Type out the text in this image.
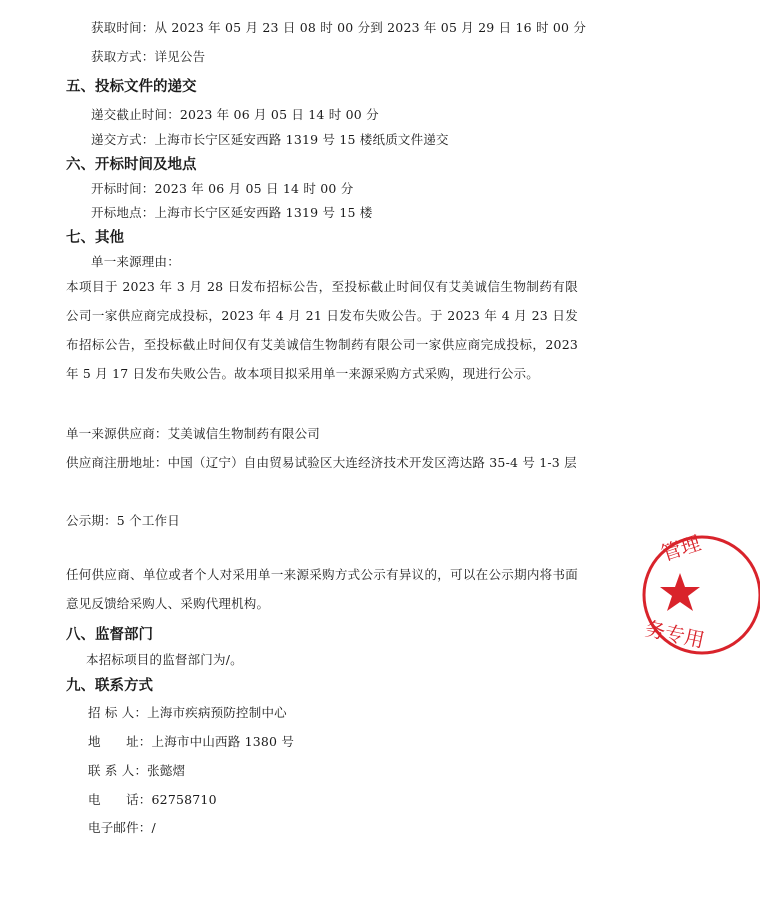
获取时间：从 2023 年 05 月 23 日 08 时 00 分到 2023 年 05 月 29 日 16 时 00 分
获取方式：详见公告
五、投标文件的递交
递交截止时间：2023 年 06 月 05 日 14 时 00 分
递交方式：上海市长宁区延安西路 1319 号 15 楼纸质文件递交
六、开标时间及地点
开标时间：2023 年 06 月 05 日 14 时 00 分
开标地点：上海市长宁区延安西路 1319 号 15 楼
七、其他
单一来源理由：
本项目于 2023 年 3 月 28 日发布招标公告，至投标截止时间仅有艾美诚信生物制药有限公司一家供应商完成投标，2023 年 4 月 21 日发布失败公告。于 2023 年 4 月 23 日发布招标公告，至投标截止时间仅有艾美诚信生物制药有限公司一家供应商完成投标，2023 年 5 月 17 日发布失败公告。故本项目拟采用单一来源采购方式采购，现进行公示。
单一来源供应商：艾美诚信生物制药有限公司
供应商注册地址：中国（辽宁）自由贸易试验区大连经济技术开发区湾达路 35-4 号 1-3 层
公示期：5 个工作日
任何供应商、单位或者个人对采用单一来源采购方式公示有异议的，可以在公示期内将书面意见反馈给采购人、采购代理机构。
八、监督部门
本招标项目的监督部门为/。
九、联系方式
招 标 人：上海市疾病预防控制中心
地　　址：上海市中山西路 1380 号
联 系 人：张懿熠
电　　话：62758710
电子邮件：/
管理
务专用
